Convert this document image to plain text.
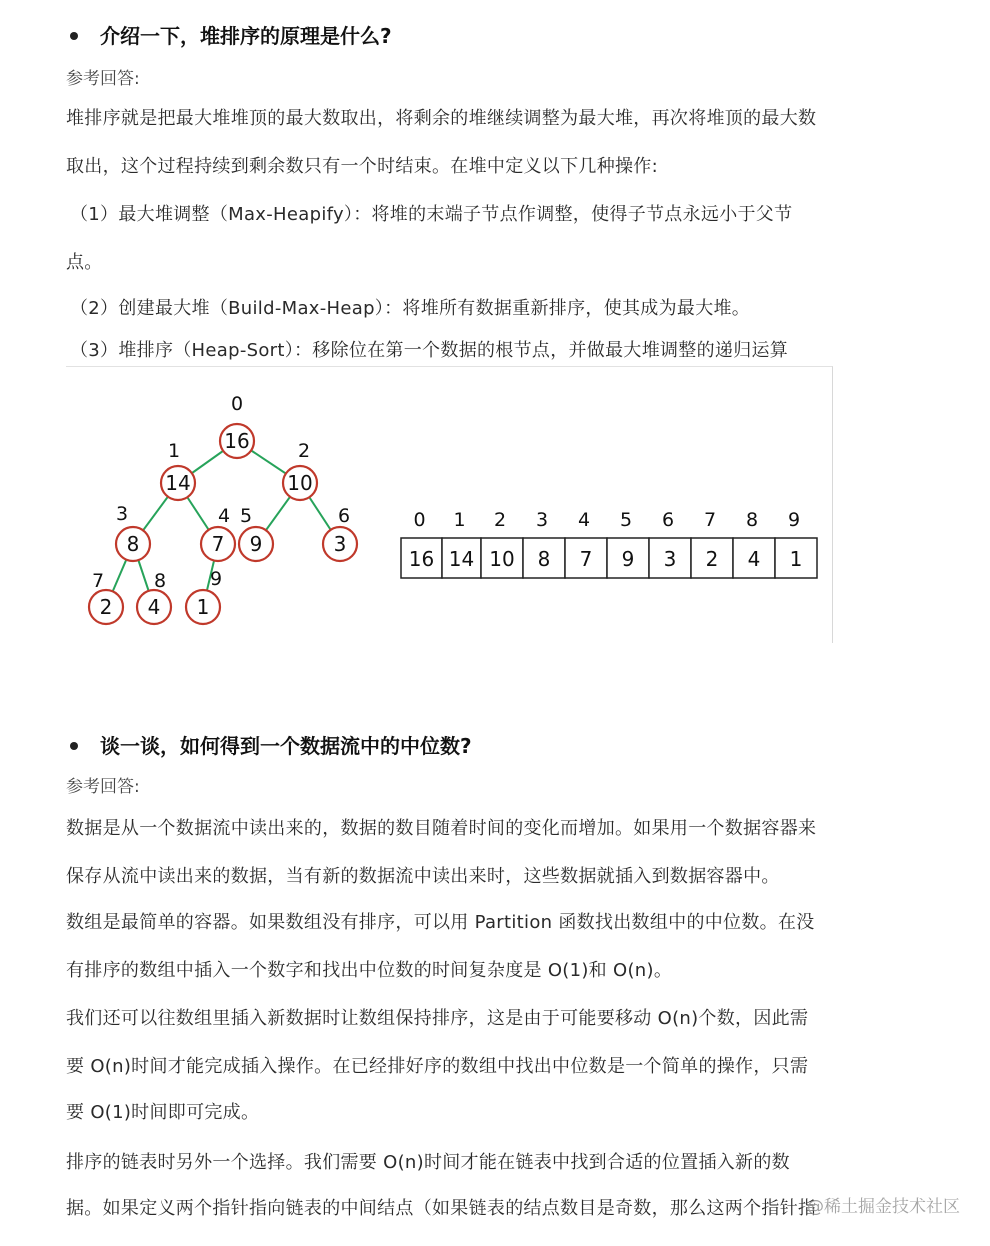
介绍一下，堆排序的原理是什么?
参考回答:
堆排序就是把最大堆堆顶的最大数取出，将剩余的堆继续调整为最大堆，再次将堆顶的最大数
取出，这个过程持续到剩余数只有一个时结束。在堆中定义以下几种操作:
（1）最大堆调整（Max-Heapify）：将堆的末端子节点作调整，使得子节点永远小于父节
点。
（2）创建最大堆（Build-Max-Heap）：将堆所有数据重新排序，使其成为最大堆。
（3）堆排序（Heap-Sort）：移除位在第一个数据的根节点，并做最大堆调整的递归运算
16
0
14
1
10
2
8
3
7
4
9
5
3
6
2
7
4
8
1
9
16
0
14
1
10
2
8
3
7
4
9
5
3
6
2
7
4
8
1
9
谈一谈，如何得到一个数据流中的中位数?
参考回答:
数据是从一个数据流中读出来的，数据的数目随着时间的变化而增加。如果用一个数据容器来
保存从流中读出来的数据，当有新的数据流中读出来时，这些数据就插入到数据容器中。
数组是最简单的容器。如果数组没有排序，可以用 Partition 函数找出数组中的中位数。在没
有排序的数组中插入一个数字和找出中位数的时间复杂度是 O(1)和 O(n)。
我们还可以往数组里插入新数据时让数组保持排序，这是由于可能要移动 O(n)个数，因此需
要 O(n)时间才能完成插入操作。在已经排好序的数组中找出中位数是一个简单的操作，只需
要 O(1)时间即可完成。
排序的链表时另外一个选择。我们需要 O(n)时间才能在链表中找到合适的位置插入新的数
据。如果定义两个指针指向链表的中间结点（如果链表的结点数目是奇数，那么这两个指针指
@稀土掘金技术社区
